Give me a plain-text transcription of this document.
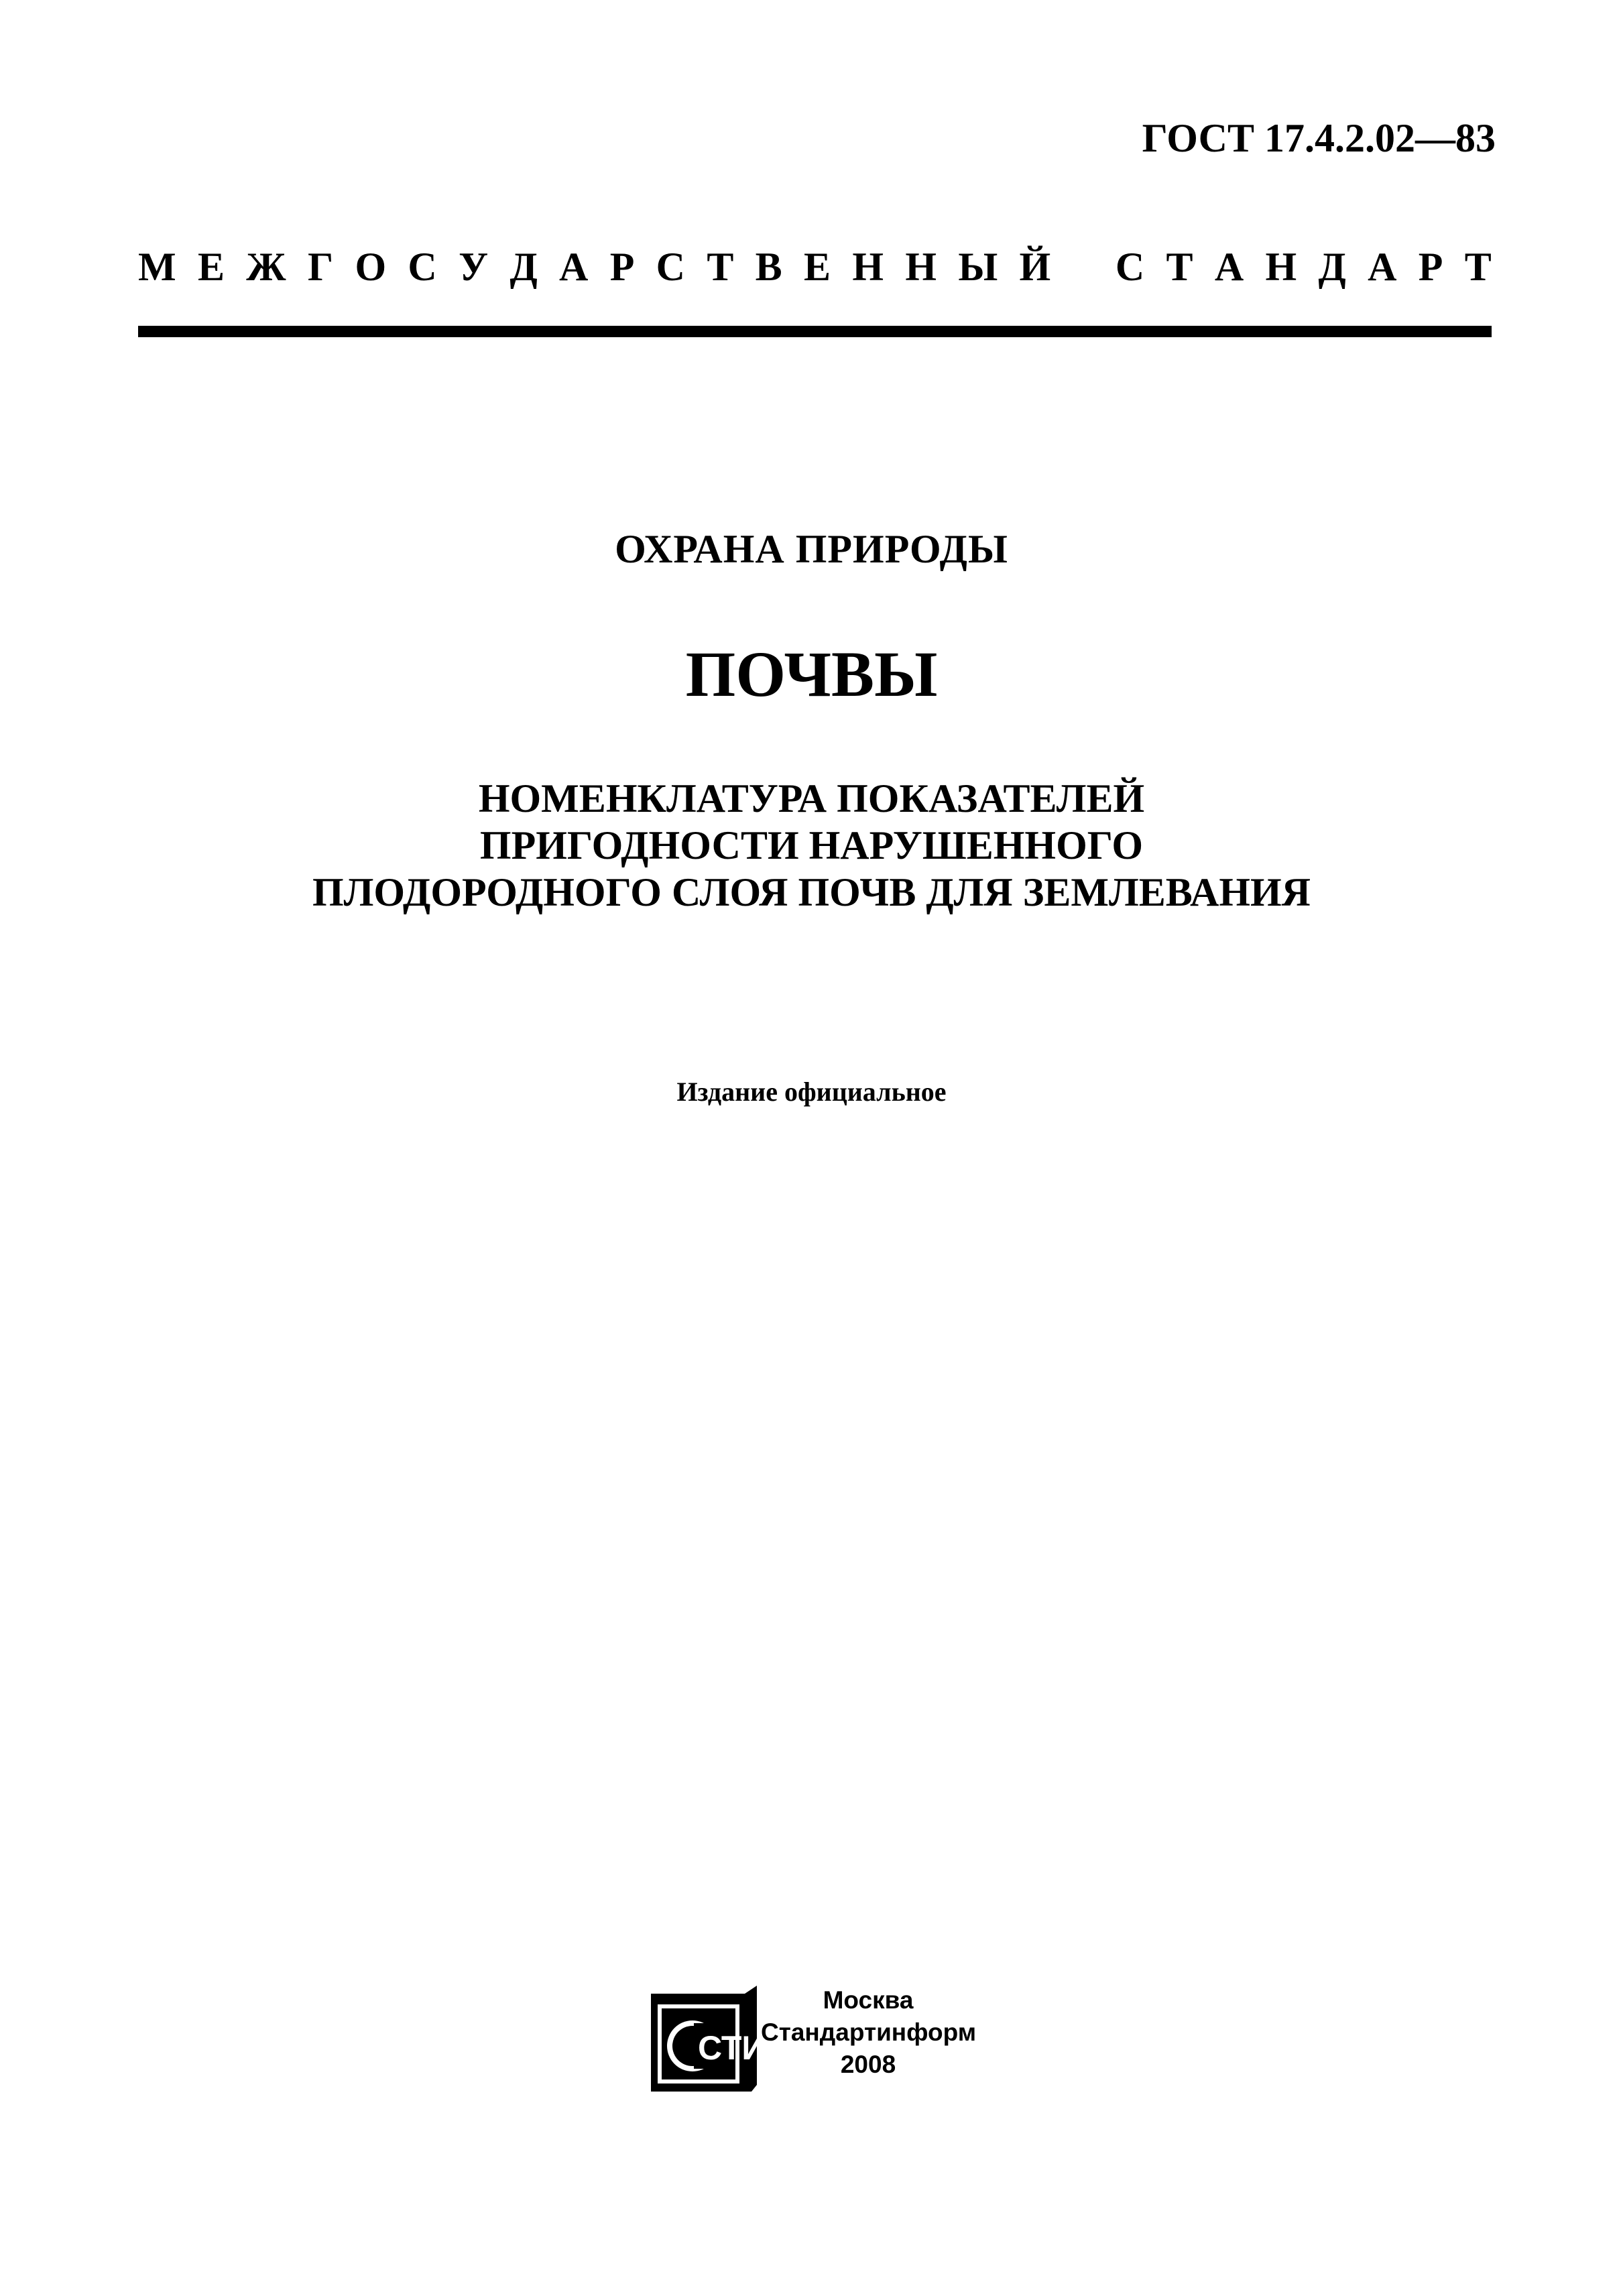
ГОСТ 17.4.2.02—83
М Е Ж Г О С У Д А Р С Т В Е Н Н Ы Й С Т А Н Д А Р Т
ОХРАНА ПРИРОДЫ
ПОЧВЫ
НОМЕНКЛАТУРА ПОКАЗАТЕЛЕЙ
ПРИГОДНОСТИ НАРУШЕННОГО
ПЛОДОРОДНОГО СЛОЯ ПОЧВ ДЛЯ ЗЕМЛЕВАНИЯ
Издание официальное
СТИ
Москва
Стандартинформ
2008
